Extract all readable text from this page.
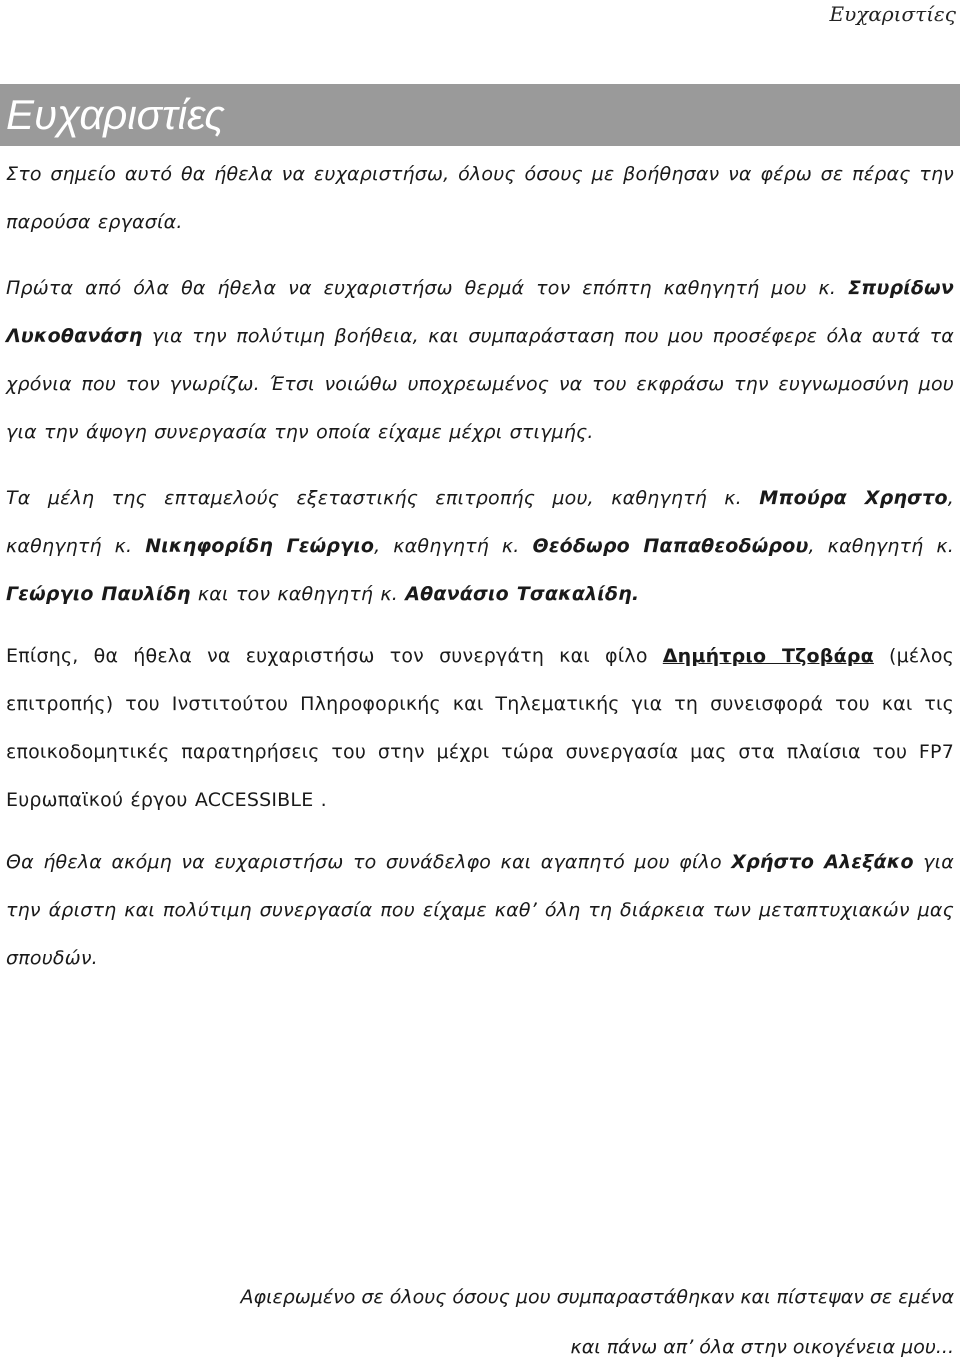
Ευχαριστίες
Ευχαριστίες

Στο σημείο αυτό θα ήθελα να ευχαριστήσω, όλους όσους με βοήθησαν να φέρω σε πέρας την παρούσα εργασία.

Πρώτα από όλα θα ήθελα να ευχαριστήσω θερμά τον επόπτη καθηγητή μου κ. Σπυρίδων Λυκοθανάση για την πολύτιμη βοήθεια, και συμπαράσταση που μου προσέφερε όλα αυτά τα χρόνια που τον γνωρίζω. Έτσι νοιώθω υποχρεωμένος να του εκφράσω την ευγνωμοσύνη μου για την άψογη συνεργασία την οποία είχαμε μέχρι στιγμής.

Τα μέλη της επταμελούς εξεταστικής επιτροπής μου, καθηγητή κ. Μπούρα Χρηστο, καθηγητή κ. Νικηφορίδη Γεώργιο, καθηγητή κ. Θεόδωρο Παπαθεοδώρου, καθηγητή κ. Γεώργιο Παυλίδη και τον καθηγητή κ. Αθανάσιο Τσακαλίδη.

Επίσης, θα ήθελα να ευχαριστήσω τον συνεργάτη και φίλο Δημήτριο Τζοβάρα (μέλος επιτροπής) του Ινστιτούτου Πληροφορικής και Τηλεματικής για τη συνεισφορά του και τις εποικοδομητικές παρατηρήσεις του στην μέχρι τώρα συνεργασία μας στα πλαίσια του FP7 Ευρωπαϊκού έργου ACCESSIBLE .

Θα ήθελα ακόμη να ευχαριστήσω το συνάδελφο και αγαπητό μου φίλο Χρήστο Αλεξάκο για την άριστη και πολύτιμη συνεργασία που είχαμε καθ’ όλη τη διάρκεια των μεταπτυχιακών μας σπουδών.

Αφιερωμένο σε όλους όσους μου συμπαραστάθηκαν και πίστεψαν σε εμένα
και πάνω απ’ όλα στην οικογένεια μου...
